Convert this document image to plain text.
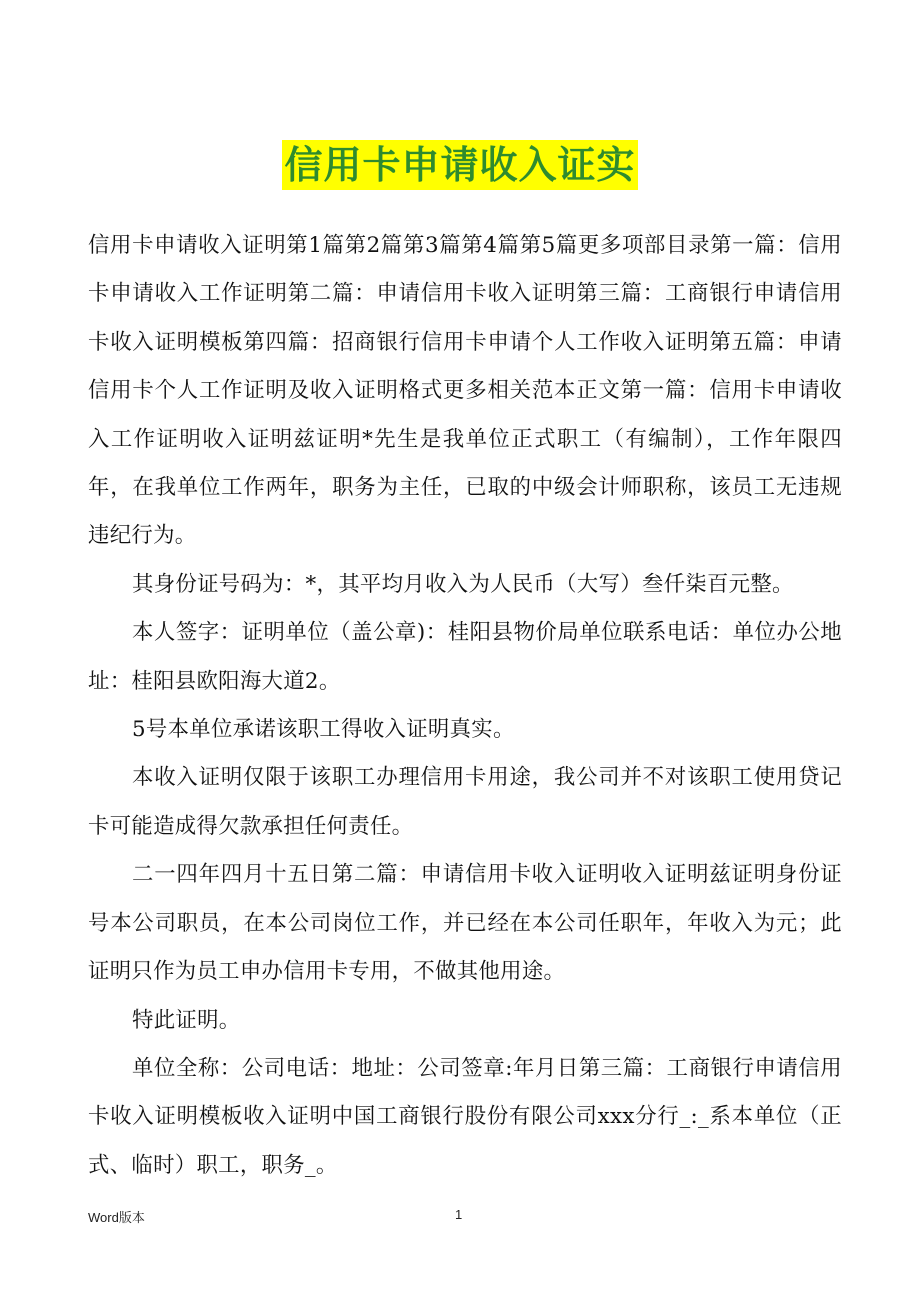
信用卡申请收入证实

信用卡申请收入证明第1篇第2篇第3篇第4篇第5篇更多项部目录第一篇：信用卡申请收入工作证明第二篇：申请信用卡收入证明第三篇：工商银行申请信用卡收入证明模板第四篇：招商银行信用卡申请个人工作收入证明第五篇：申请信用卡个人工作证明及收入证明格式更多相关范本正文第一篇：信用卡申请收入工作证明收入证明兹证明*先生是我单位正式职工（有编制），工作年限四年，在我单位工作两年，职务为主任，已取的中级会计师职称，该员工无违规违纪行为。

其身份证号码为：*，其平均月收入为人民币（大写）叁仟柒百元整。

本人签字：证明单位（盖公章)：桂阳县物价局单位联系电话：单位办公地址：桂阳县欧阳海大道2。

5号本单位承诺该职工得收入证明真实。

本收入证明仅限于该职工办理信用卡用途，我公司并不对该职工使用贷记卡可能造成得欠款承担任何责任。

二一四年四月十五日第二篇：申请信用卡收入证明收入证明兹证明身份证号本公司职员，在本公司岗位工作，并已经在本公司任职年，年收入为元；此证明只作为员工申办信用卡专用，不做其他用途。

特此证明。

单位全称：公司电话：地址：公司签章:年月日第三篇：工商银行申请信用卡收入证明模板收入证明中国工商银行股份有限公司xxx分行_:_系本单位（正式、临时）职工，职务_。

Word版本	1
